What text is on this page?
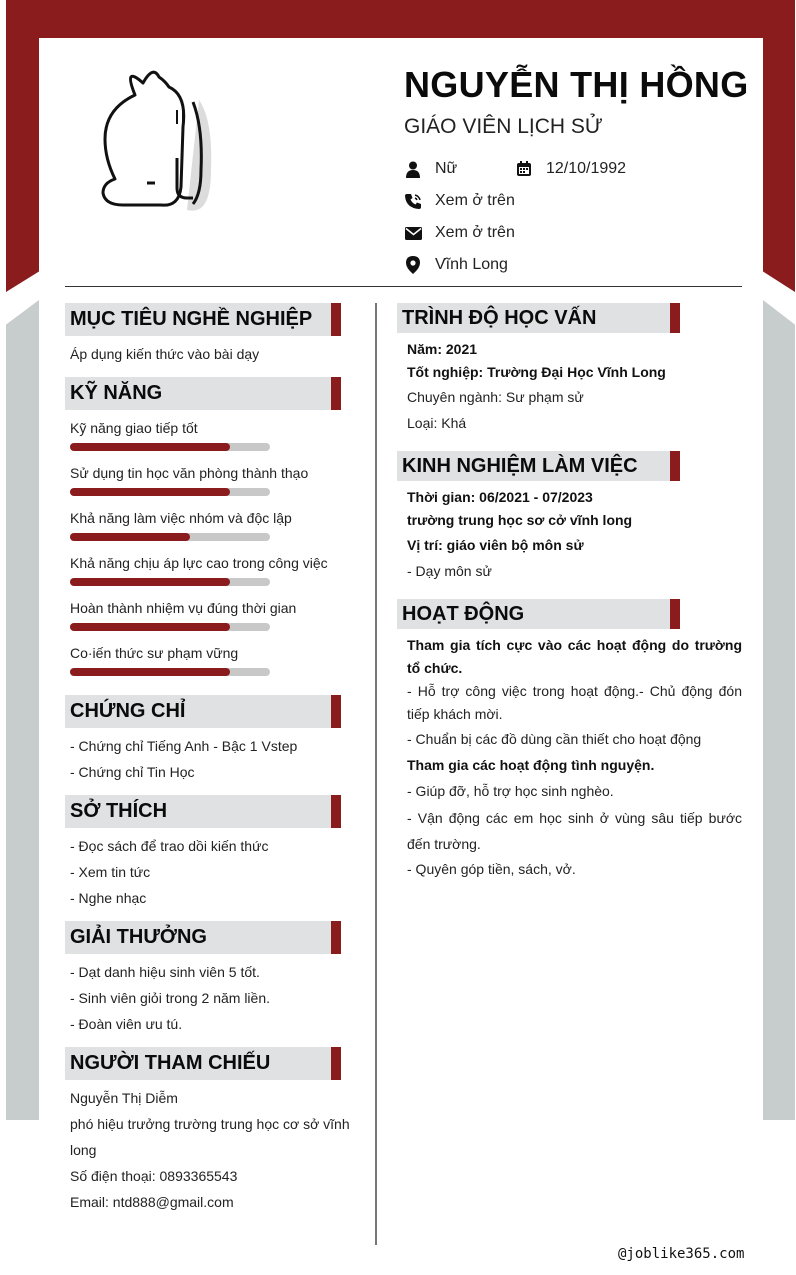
NGUYỄN THỊ HỒNG
GIÁO VIÊN LỊCH SỬ
Nữ	12/10/1992
Xem ở trên
Xem ở trên
Vĩnh Long
MỤC TIÊU NGHỀ NGHIỆP
Áp dụng kiến thức vào bài dạy
KỸ NĂNG
Kỹ năng giao tiếp tốt
Sử dụng tin học văn phòng thành thạo
Khả năng làm việc nhóm và độc lập
Khả năng chịu áp lực cao trong công việc
Hoàn thành nhiệm vụ đúng thời gian
Co·iến thức sư phạm vững
CHỨNG CHỈ
- Chứng chỉ Tiếng Anh - Bậc 1 Vstep
- Chứng chỉ Tin Học
SỞ THÍCH
- Đọc sách để trao dồi kiến thức
- Xem tin tức
- Nghe nhạc
GIẢI THƯỞNG
- Dạt danh hiệu sinh viên 5 tốt.
- Sinh viên giỏi trong 2 năm liền.
- Đoàn viên ưu tú.
NGƯỜI THAM CHIẾU
Nguyễn Thị Diễm
phó hiệu trưởng trường trung học cơ sở vĩnh
long
Số điện thoại: 0893365543
Email: ntd888@gmail.com
TRÌNH ĐỘ HỌC VẤN
Năm: 2021
Tốt nghiệp: Trường Đại Học Vĩnh Long
Chuyên ngành: Sư phạm sử
Loại: Khá
KINH NGHIỆM LÀM VIỆC
Thời gian: 06/2021 - 07/2023
trường trung học sơ cở vĩnh long
Vị trí: giáo viên bộ môn sử
- Dạy môn sử
HOẠT ĐỘNG
Tham gia tích cực vào các hoạt động do trường tổ chức.
- Hỗ trợ công việc trong hoạt động.- Chủ động đón tiếp khách mời.
- Chuẩn bị các đồ dùng cần thiết cho hoạt động
Tham gia các hoạt động tình nguyện.
- Giúp đỡ, hỗ trợ học sinh nghèo.
- Vận động các em học sinh ở vùng sâu tiếp bước đến trường.
- Quyên góp tiền, sách, vở.
@joblike365.com
